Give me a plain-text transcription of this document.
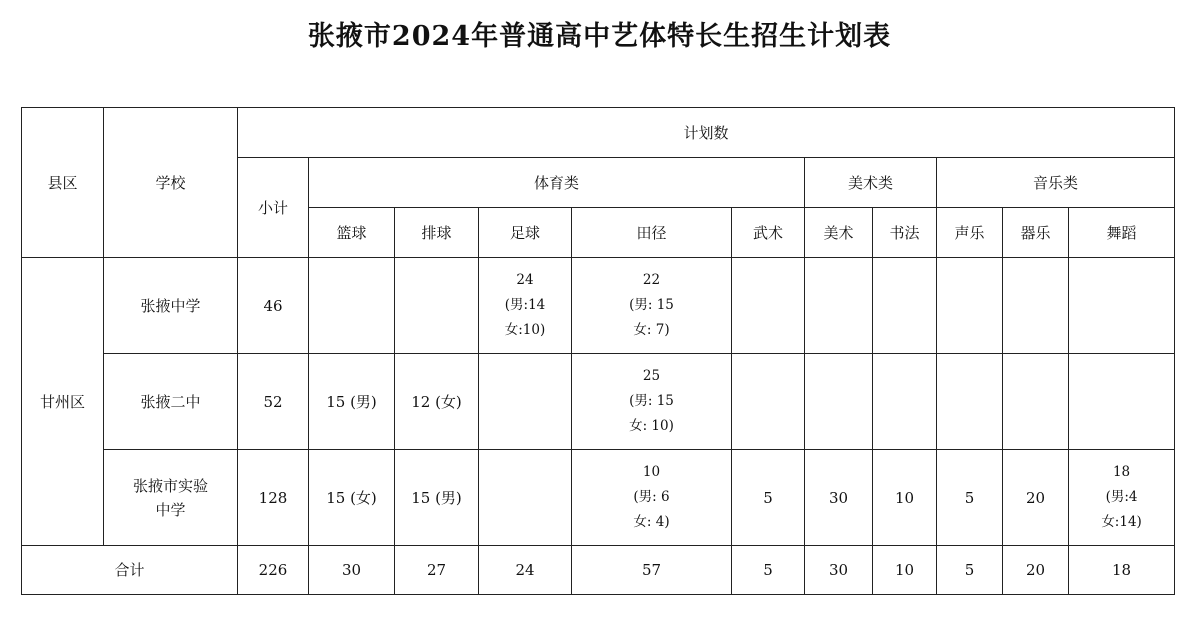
张掖市2024年普通高中艺体特长生招生计划表
县区	学校	计划数										
		小计	体育类					美术类		音乐类		
			篮球	排球	足球	田径	武术	美术	书法	声乐	器乐	舞蹈
甘州区	张掖中学	46			24
(男:14
女:10)	22
(男: 15
女: 7)						

	张掖二中	52	15 (男)	12 (女)		25
(男: 15
女: 10)						

	张掖市实验
中学	128	15 (女)	15 (男)		10
(男: 6
女: 4)	5	30	10	5	20	18
(男:4
女:14)

合计		226	30	27	24	57	5	30	10	5	20	18
